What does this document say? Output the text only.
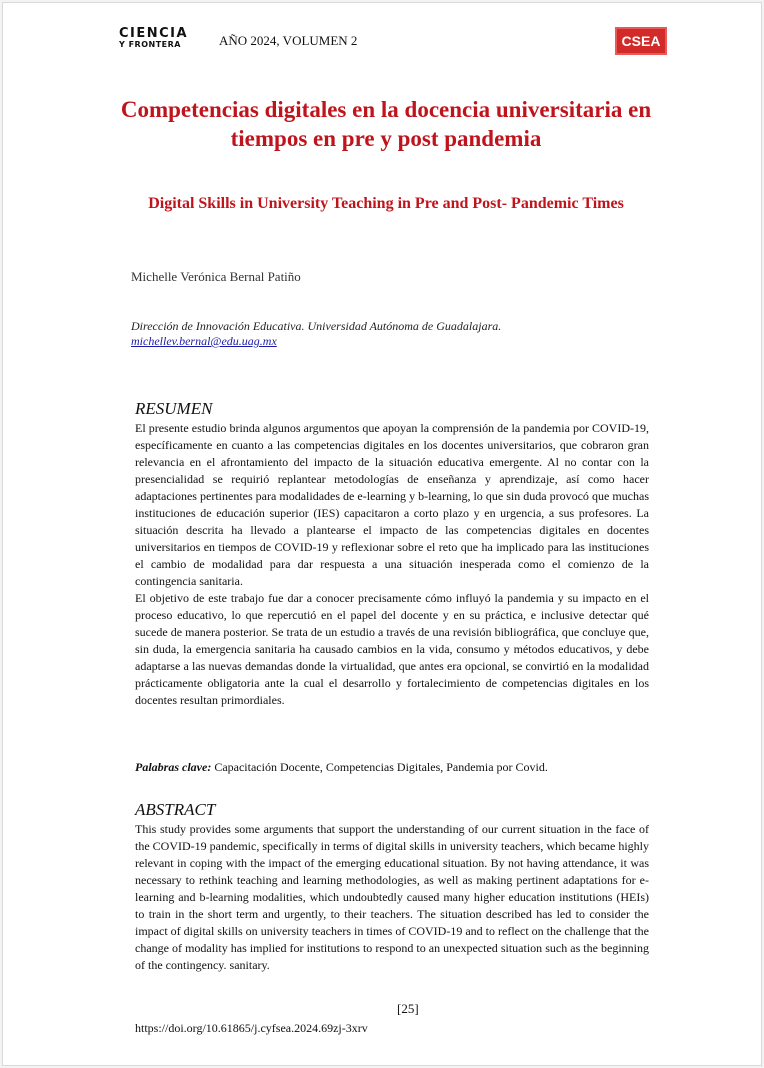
CIENCIA
Y FRONTERA	AÑO 2024, VOLUMEN 2	CSEA
Competencias digitales en la docencia universitaria en tiempos en pre y post pandemia
Digital Skills in University Teaching in Pre and Post- Pandemic Times
Michelle Verónica Bernal Patiño
Dirección de Innovación Educativa. Universidad Autónoma de Guadalajara.
michellev.bernal@edu.uag.mx
RESUMEN

El presente estudio brinda algunos argumentos que apoyan la comprensión de la pandemia por COVID-19, específicamente en cuanto a las competencias digitales en los docentes universitarios, que cobraron gran relevancia en el afrontamiento del impacto de la situación educativa emergente. Al no contar con la presencialidad se requirió replantear metodologías de enseñanza y aprendizaje, así como hacer adaptaciones pertinentes para modalidades de e-learning y b-learning, lo que sin duda provocó que muchas instituciones de educación superior (IES) capacitaron a corto plazo y en urgencia, a sus profesores. La situación descrita ha llevado a plantearse el impacto de las competencias digitales en docentes universitarios en tiempos de COVID-19 y reflexionar sobre el reto que ha implicado para las instituciones el cambio de modalidad para dar respuesta a una situación inesperada como el comienzo de la contingencia sanitaria.

El objetivo de este trabajo fue dar a conocer precisamente cómo influyó la pandemia y su impacto en el proceso educativo, lo que repercutió en el papel del docente y en su práctica, e inclusive detectar qué sucede de manera posterior. Se trata de un estudio a través de una revisión bibliográfica, que concluye que, sin duda, la emergencia sanitaria ha causado cambios en la vida, consumo y métodos educativos, y debe adaptarse a las nuevas demandas donde la virtualidad, que antes era opcional, se convirtió en la modalidad prácticamente obligatoria ante la cual el desarrollo y fortalecimiento de competencias digitales en los docentes resultan primordiales.

Palabras clave: Capacitación Docente, Competencias Digitales, Pandemia por Covid.
ABSTRACT

This study provides some arguments that support the understanding of our current situation in the face of the COVID-19 pandemic, specifically in terms of digital skills in university teachers, which became highly relevant in coping with the impact of the emerging educational situation. By not having attendance, it was necessary to rethink teaching and learning methodologies, as well as making pertinent adaptations for e- learning and b-learning modalities, which undoubtedly caused many higher education institutions (HEIs) to train in the short term and urgently, to their teachers. The situation described has led to consider the impact of digital skills on university teachers in times of COVID-19 and to reflect on the challenge that the change of modality has implied for institutions to respond to an unexpected situation such as the beginning of the contingency. sanitary.

[25]
https://doi.org/10.61865/j.cyfsea.2024.69zj-3xrv
